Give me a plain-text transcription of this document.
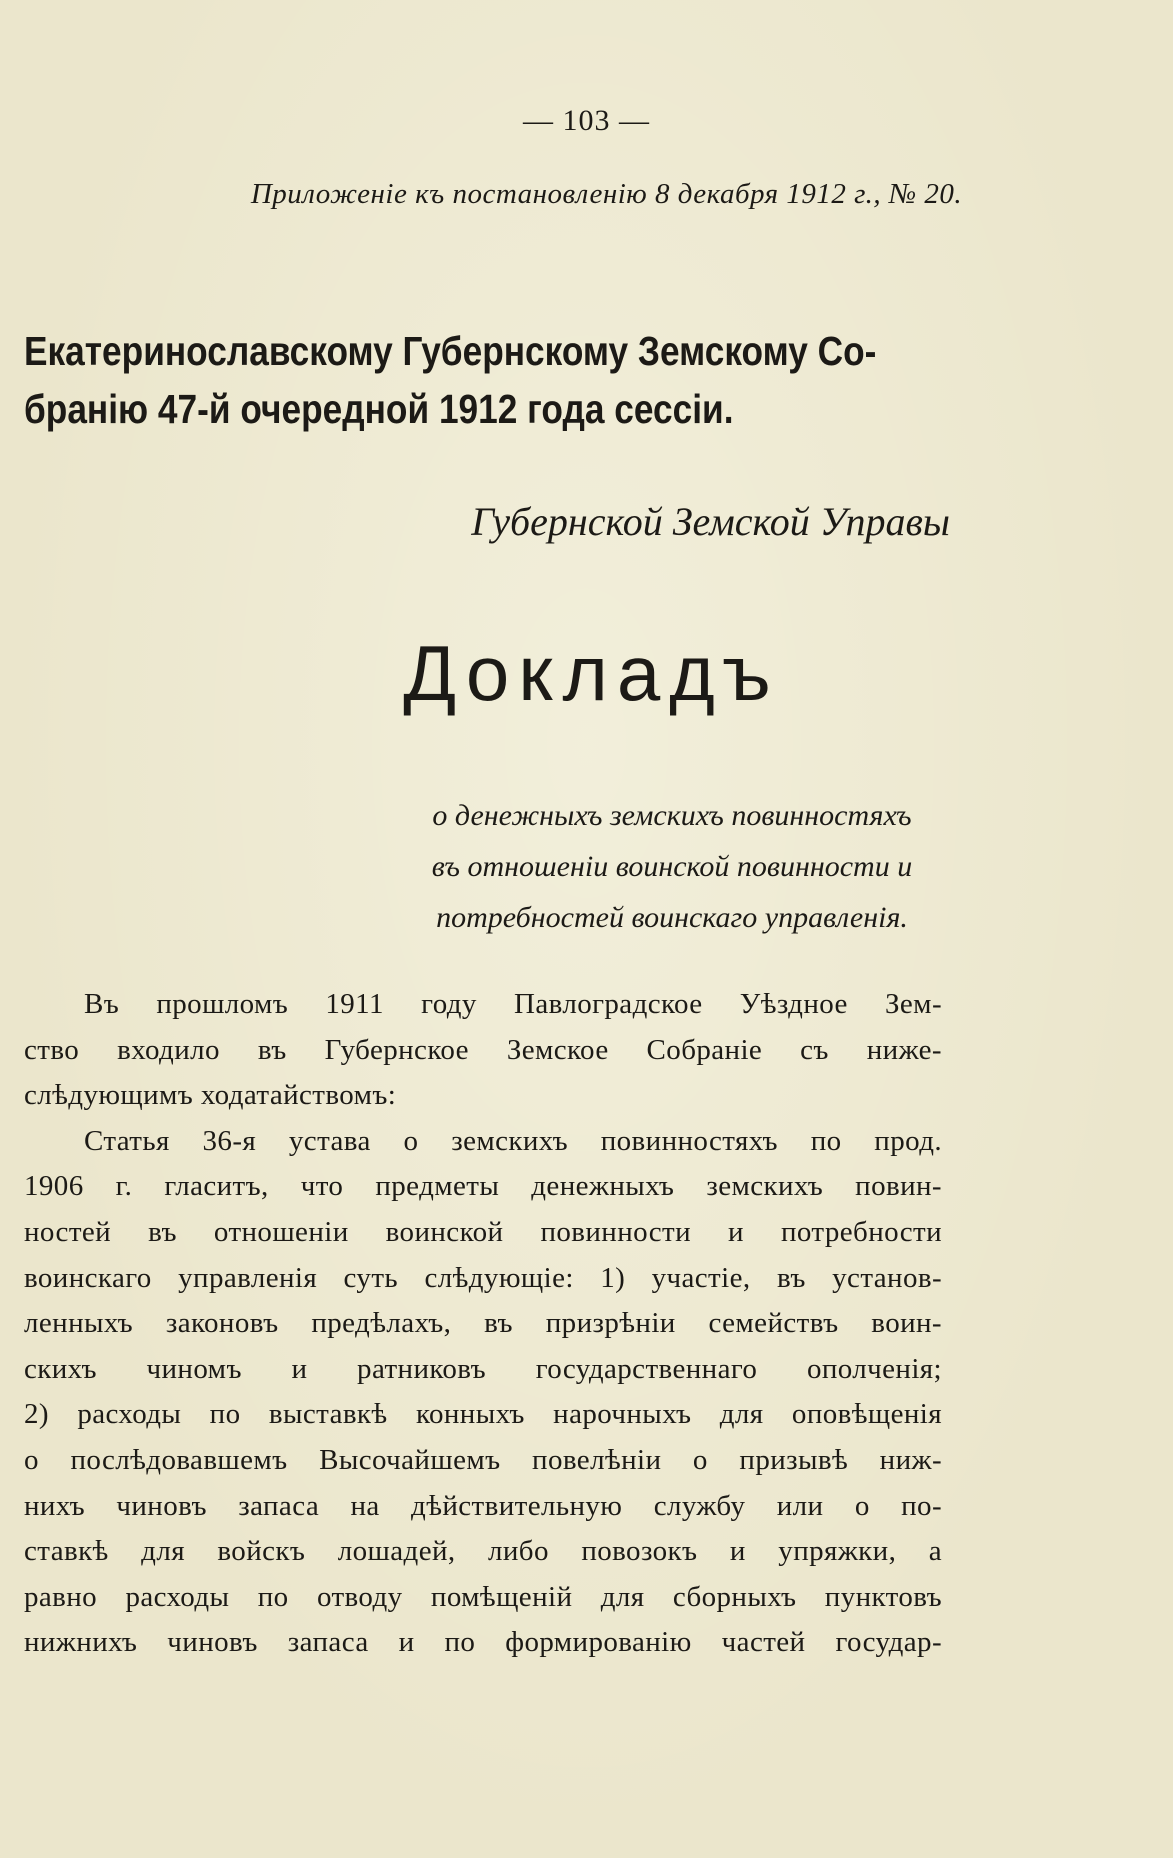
— 103 —
Приложенiе къ постановленiю 8 декабря 1912 г., № 20.
Екатеринославскому Губернскому Земскому Со-
бранiю 47-й очередной 1912 года сессiи.
Губернской Земской Управы
Докладъ
о денежныхъ земскихъ повинностяхъ
въ отношенiи воинской повинности и
потребностей воинскаго управленiя.
Въ прошломъ 1911 году Павлоградское Уѣздное Зем-
ство входило въ Губернское Земское Собранiе съ ниже-
слѣдующимъ ходатайствомъ:
Статья 36-я устава о земскихъ повинностяхъ по прод.
1906 г. гласитъ, что предметы денежныхъ земскихъ повин-
ностей въ отношенiи воинской повинности и потребности
воинскаго управленiя суть слѣдующiе: 1) участiе, въ установ-
ленныхъ законовъ предѣлахъ, въ призрѣнiи семействъ воин-
скихъ чиномъ и ратниковъ государственнаго ополченiя;
2) расходы по выставкѣ конныхъ нарочныхъ для оповѣщенiя
о послѣдовавшемъ Высочайшемъ повелѣнiи о призывѣ ниж-
нихъ чиновъ запаса на дѣйствительную службу или о по-
ставкѣ для войскъ лошадей, либо повозокъ и упряжки, а
равно расходы по отводу помѣщенiй для сборныхъ пунктовъ
нижнихъ чиновъ запаса и по формированiю частей государ-
